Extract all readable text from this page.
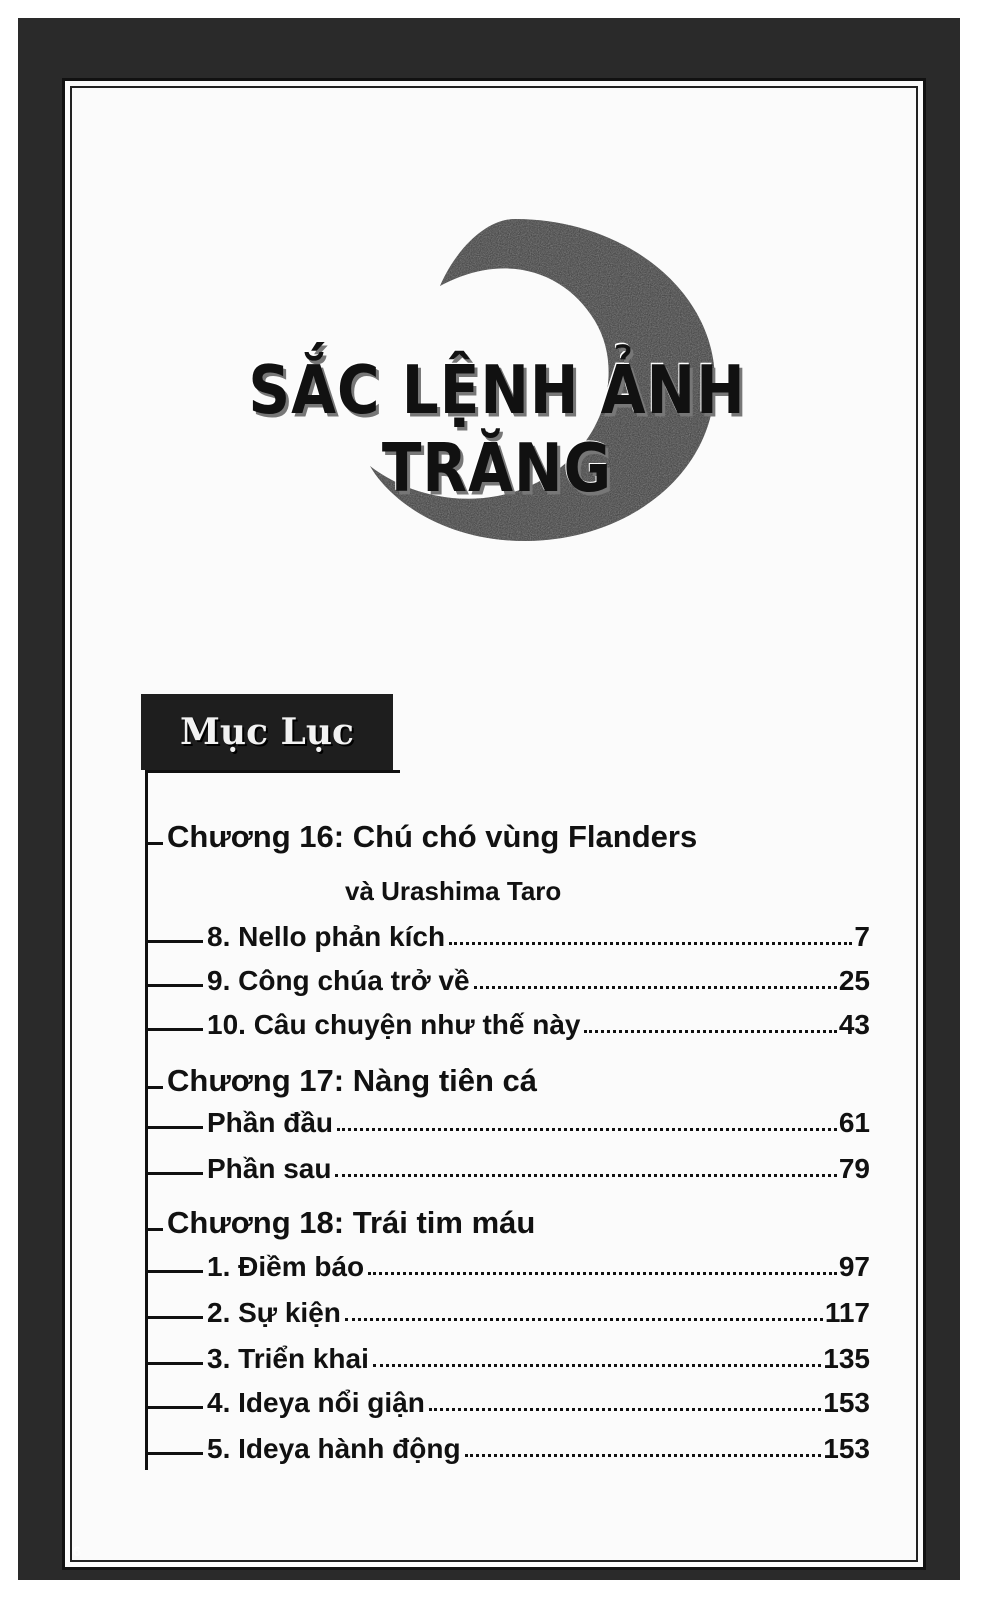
SẮC LỆNH ẢNH TRĂNG
Mục Lục
Chương 16: Chú chó vùng Flanders
và Urashima Taro
8. Nello phản kích	7
9. Công chúa trở về	25
10. Câu chuyện như thế này	43
Chương 17: Nàng tiên cá
Phần đầu	61
Phần sau	79
Chương 18: Trái tim máu
1. Điềm báo	97
2. Sự kiện	117
3. Triển khai	135
4. Ideya nổi giận	153
5. Ideya hành động	153
6
